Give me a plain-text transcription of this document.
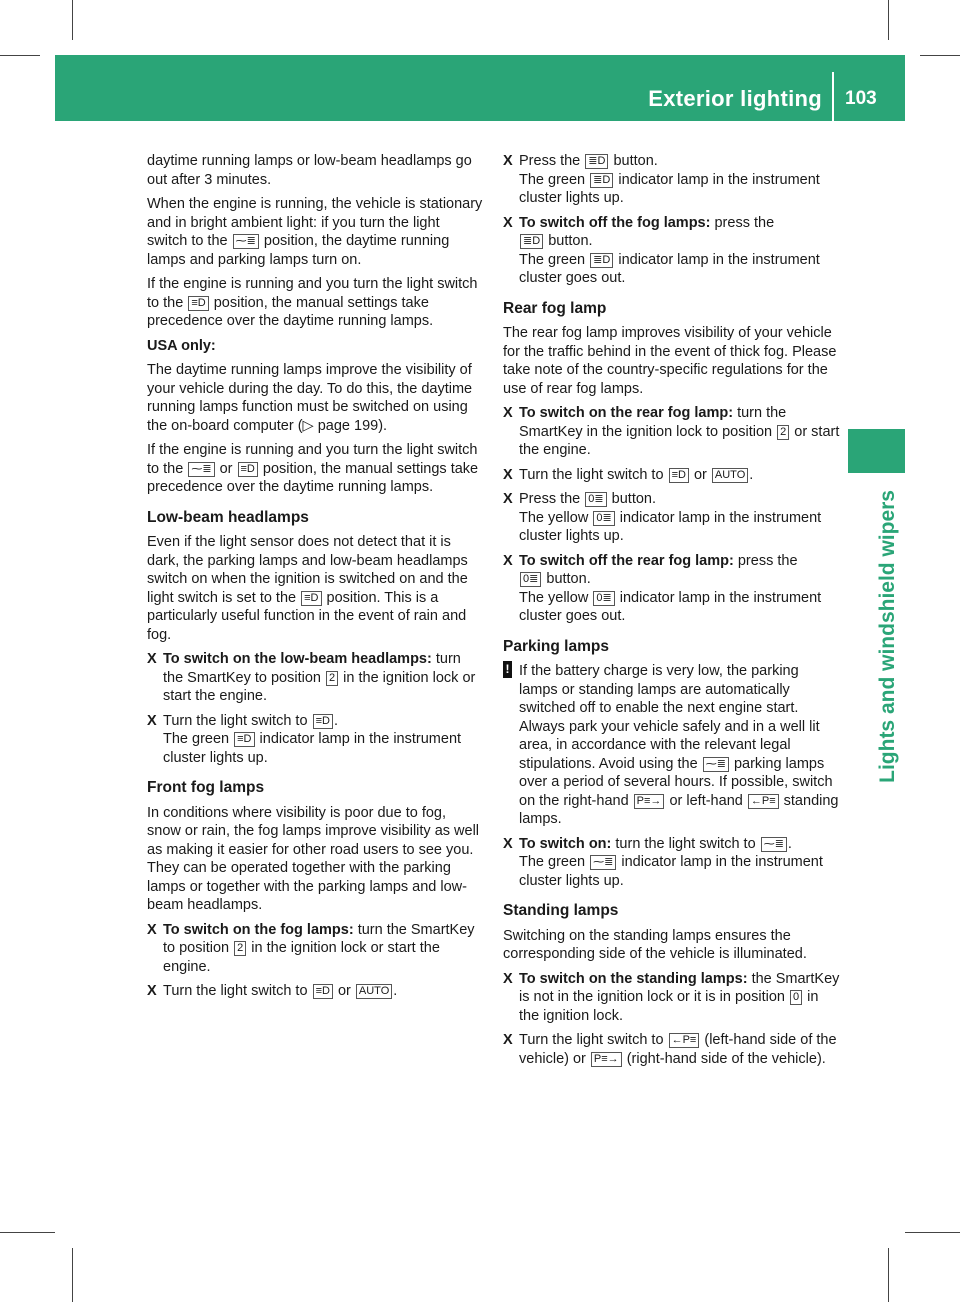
Exterior lighting 103
Lights and windshield wipers

daytime running lamps or low-beam headlamps go out after 3 minutes.

When the engine is running, the vehicle is stationary and in bright ambient light: if you turn the light switch to the ⁓≣ position, the daytime running lamps and parking lamps turn on.

If the engine is running and you turn the light switch to the ≡D position, the manual settings take precedence over the daytime running lamps.

USA only:

The daytime running lamps improve the visibility of your vehicle during the day. To do this, the daytime running lamps function must be switched on using the on-board computer (▷ page 199).

If the engine is running and you turn the light switch to the ⁓≣ or ≡D position, the manual settings take precedence over the daytime running lamps.

Low-beam headlamps

Even if the light sensor does not detect that it is dark, the parking lamps and low-beam headlamps switch on when the ignition is switched on and the light switch is set to the ≡D position. This is a particularly useful function in the event of rain and fog.

X To switch on the low-beam headlamps: turn the SmartKey to position 2 in the ignition lock or start the engine.
X Turn the light switch to ≡D .
The green ≡D indicator lamp in the instrument cluster lights up.
Front fog lamps

In conditions where visibility is poor due to fog, snow or rain, the fog lamps improve visibility as well as making it easier for other road users to see you. They can be operated together with the parking lamps or together with the parking lamps and low-beam headlamps.

X To switch on the fog lamps: turn the SmartKey to position 2 in the ignition lock or start the engine.
X Turn the light switch to ≡D or AUTO .
X Press the ≣D button.
The green ≣D indicator lamp in the instrument cluster lights up.
X To switch off the fog lamps: press the
≣D button.
The green ≣D indicator lamp in the instrument cluster goes out.
Rear fog lamp

The rear fog lamp improves visibility of your vehicle for the traffic behind in the event of thick fog. Please take note of the country-specific regulations for the use of rear fog lamps.

X To switch on the rear fog lamp: turn the SmartKey in the ignition lock to position 2 or start the engine.
X Turn the light switch to ≡D or AUTO .
X Press the 0≣ button.
The yellow 0≣ indicator lamp in the instrument cluster lights up.
X To switch off the rear fog lamp: press the
0≣ button.
The yellow 0≣ indicator lamp in the instrument cluster goes out.
Parking lamps
! If the battery charge is very low, the parking lamps or standing lamps are automatically switched off to enable the next engine start. Always park your vehicle safely and in a well lit area, in accordance with the relevant legal stipulations. Avoid using the ⁓≣ parking lamps over a period of several hours. If possible, switch on the right-hand P≡→ or left-hand ←P≡ standing lamps.
X To switch on: turn the light switch to ⁓≣ .
The green ⁓≣ indicator lamp in the instrument cluster lights up.
Standing lamps

Switching on the standing lamps ensures the corresponding side of the vehicle is illuminated.

X To switch on the standing lamps: the SmartKey is not in the ignition lock or it is in position 0 in the ignition lock.
X Turn the light switch to ←P≡ (left-hand side of the vehicle) or P≡→ (right-hand side of the vehicle).
